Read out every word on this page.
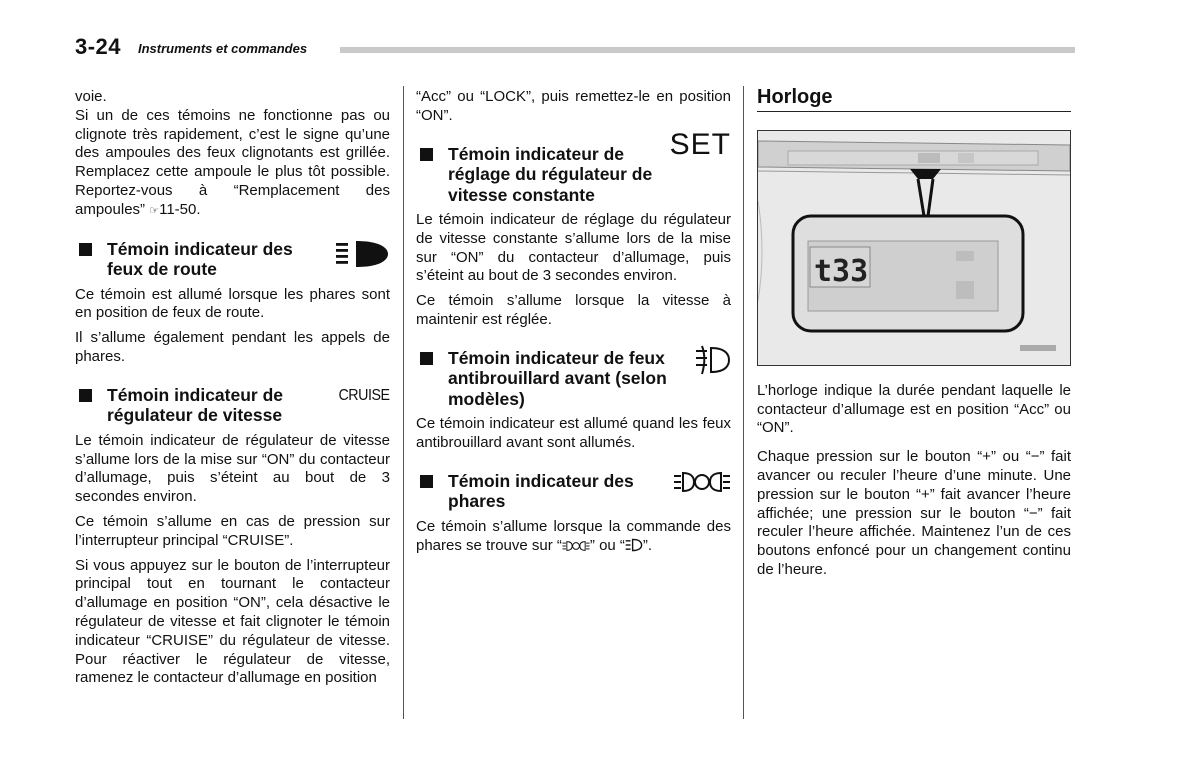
3-24 Instruments et commandes

voie.

Si un de ces témoins ne fonctionne pas ou clignote très rapidement, c’est le signe qu’une des ampoules des feux clignotants est grillée. Remplacez cette ampoule le plus tôt possible. Reportez-vous à “Remplacement des ampoules” ☞11-50.

Témoin indicateur des feux de route

Ce témoin est allumé lorsque les phares sont en position de feux de route.

Il s’allume également pendant les appels de phares.

Témoin indicateur de régulateur de vitesse
CRUISE

Le témoin indicateur de régulateur de vitesse s’allume lors de la mise sur “ON” du contacteur d’allumage, puis s’éteint au bout de 3 secondes environ.

Ce témoin s’allume en cas de pression sur l’interrupteur principal “CRUISE”.

Si vous appuyez sur le bouton de l’interrupteur principal tout en tournant le contacteur d’allumage en position “ON”, cela désactive le régulateur de vitesse et fait clignoter le témoin indicateur “CRUISE” du régulateur de vitesse. Pour réactiver le régulateur de vitesse, ramenez le contacteur d’allumage en position

“Acc” ou “LOCK”, puis remettez-le en position “ON”.

Témoin indicateur de réglage du régulateur de vitesse constante
SET

Le témoin indicateur de réglage du régulateur de vitesse constante s’allume lors de la mise sur “ON” du contacteur d’allumage, puis s’éteint au bout de 3 secondes environ.

Ce témoin s’allume lorsque la vitesse à maintenir est réglée.

Témoin indicateur de feux antibrouillard avant (selon modèles)

Ce témoin indicateur est allumé quand les feux antibrouillard avant sont allumés.

Témoin indicateur des phares

Ce témoin s’allume lorsque la commande des phares se trouve sur “ ” ou “ ”.

Horloge
t33

L’horloge indique la durée pendant laquelle le contacteur d’allumage est en position “Acc” ou “ON”.

Chaque pression sur le bouton “+” ou “−” fait avancer ou reculer l’heure d’une minute. Une pression sur le bouton “+” fait avancer l’heure affichée; une pression sur le bouton “−” fait reculer l’heure affichée. Maintenez l’un de ces boutons enfoncé pour un changement continu de l’heure.
